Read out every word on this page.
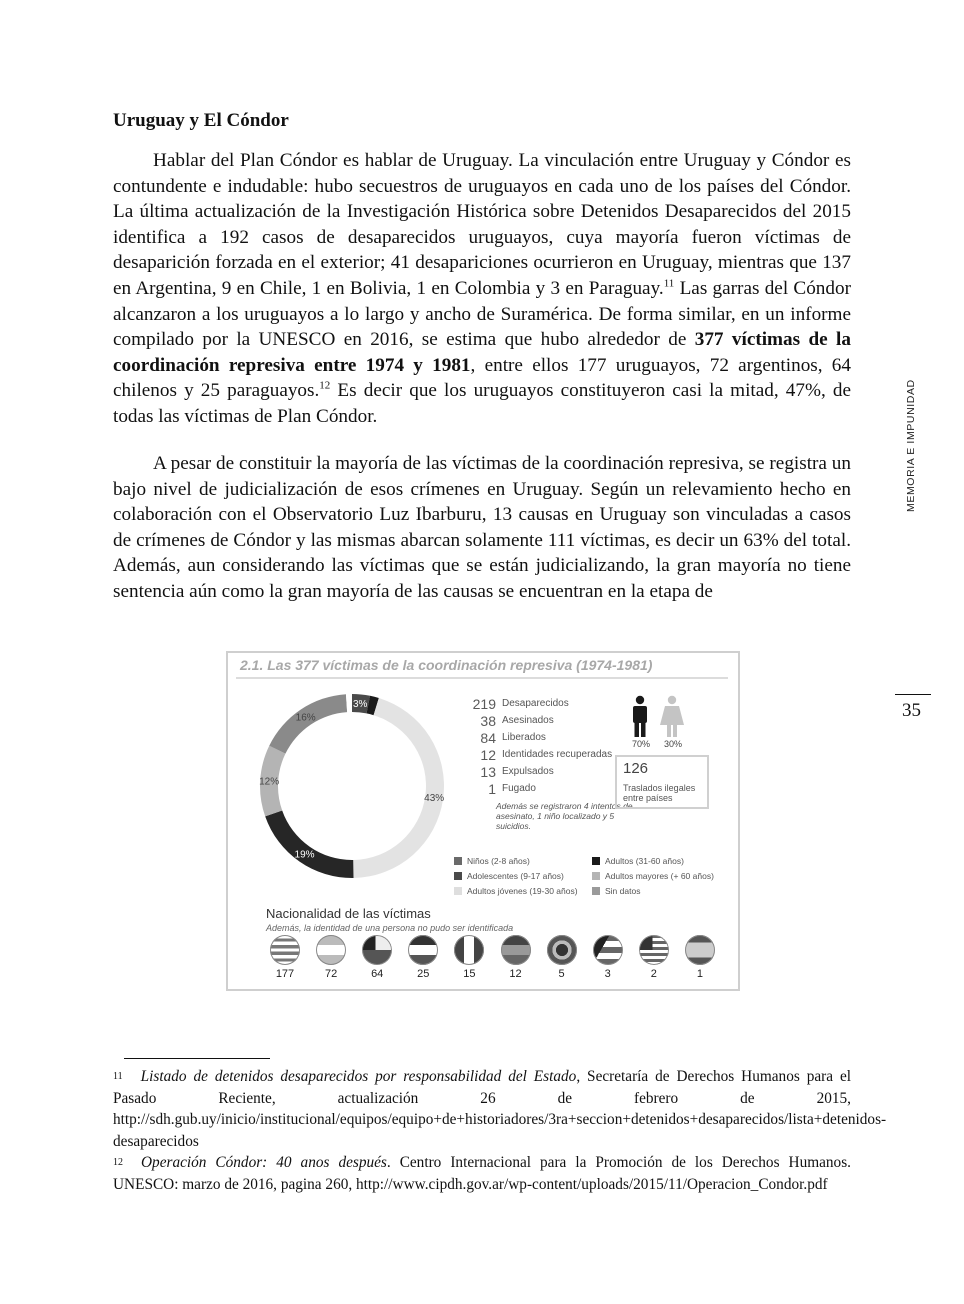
Uruguay y El Cóndor

Hablar del Plan Cóndor es hablar de Uruguay. La vinculación entre Uruguay y Cóndor es contundente e indudable: hubo secuestros de uruguayos en cada uno de los países del Cóndor. La última actualización de la Investigación Histórica sobre Detenidos Desaparecidos del 2015 identifica a 192 casos de desaparecidos uruguayos, cuya mayoría fueron víctimas de desaparición forzada en el exterior; 41 desapariciones ocurrieron en Uruguay, mientras que 137 en Argentina, 9 en Chile, 1 en Bolivia, 1 en Colombia y 3 en Paraguay.$^{11}$ Las garras del Cóndor alcanzaron a los uruguayos a lo largo y ancho de Suramérica. De forma similar, en un informe compilado por la UNESCO en 2016, se estima que hubo alrededor de 377 víctimas de la coordinación represiva entre 1974 y 1981, entre ellos 177 uruguayos, 72 argentinos, 64 chilenos y 25 paraguayos.$^{12}$ Es decir que los uruguayos constituyeron casi la mitad, 47%, de todas las víctimas de Plan Cóndor.

A pesar de constituir la mayoría de las víctimas de la coordinación represiva, se registra un bajo nivel de judicialización de esos crímenes en Uruguay. Según un relevamiento hecho en colaboración con el Observatorio Luz Ibarburu, 13 causas en Uruguay son vinculadas a casos de crímenes de Cóndor y las mismas abarcan solamente 111 víctimas, es decir un 63% del total. Además, aun considerando las víctimas que se están judicializando, la gran mayoría no tiene sentencia aún como la gran mayoría de las causas se encuentran en la etapa de

MEMORIA E IMPUNIDAD
35
2.1. Las 377 víctimas de la coordinación represiva (1974-1981)
3%
43%
19%
12%
16%
219 Desaparecidos
38 Asesinados
84 Liberados
12 Identidades recuperadas
13 Expulsados
1 Fugado
Además se registraron 4 intentos de asesinato, 1 niño localizado y 5 suicidios.
70% 30%
126
Traslados ilegales entre países
Niños (2-8 años)	Adultos (31-60 años)
Adolescentes (9-17 años)	Adultos mayores (+ 60 años)
Adultos jóvenes (19-30 años)	Sin datos
Nacionalidad de las víctimas
Además, la identidad de una persona no pudo ser identificada
177	72	64	25	15	12	5	3	2	1

$^{11}$ Listado de detenidos desaparecidos por responsabilidad del Estado, Secretaría de Derechos Humanos para el Pasado Reciente, actualización 26 de febrero de 2015, http://sdh.gub.uy/inicio/institucional/equipos/equipo+de+historiadores/3ra+seccion+detenidos+desaparecidos/lista+detenidos- desaparecidos

$^{12}$ Operación Cóndor: 40 anos después. Centro Internacional para la Promoción de los Derechos Humanos. UNESCO: marzo de 2016, pagina 260, http://www.cipdh.gov.ar/wp-content/uploads/2015/11/Operacion_Condor.pdf
